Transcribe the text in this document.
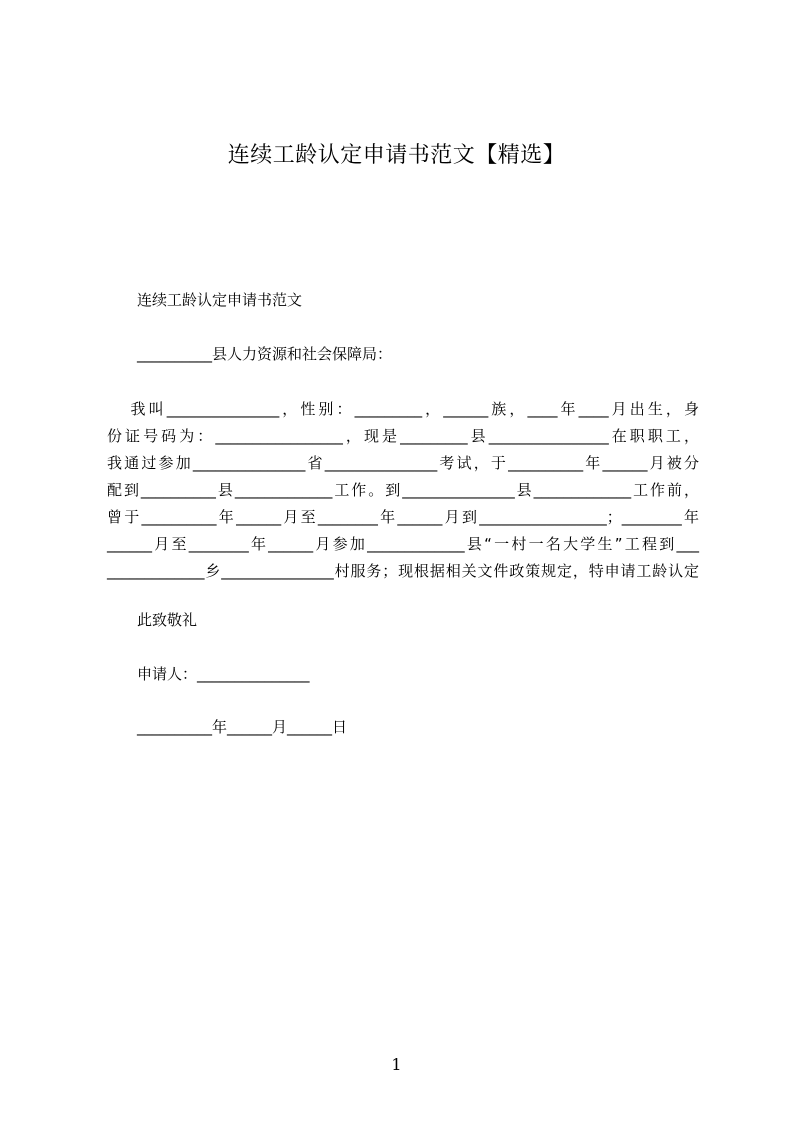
连续工龄认定申请书范文【精选】
连续工龄认定申请书范文
__________县人力资源和社会保障局：
我叫_______________，性别：_________，______族，____年____月出生，身
份证号码为：_________________，现是_________县________________在职职工，
我通过参加_______________省_______________考试，于__________年______月被分
配到__________县_____________工作。到_______________县_____________工作前，
曾于__________年______月至________年______月到_________________；________年
______月至________年______月参加_____________县“一村一名大学生”工程到___
_____________乡_______________村服务；现根据相关文件政策规定，特申请工龄认定
此致敬礼
申请人：_______________
__________年______月______日
1
